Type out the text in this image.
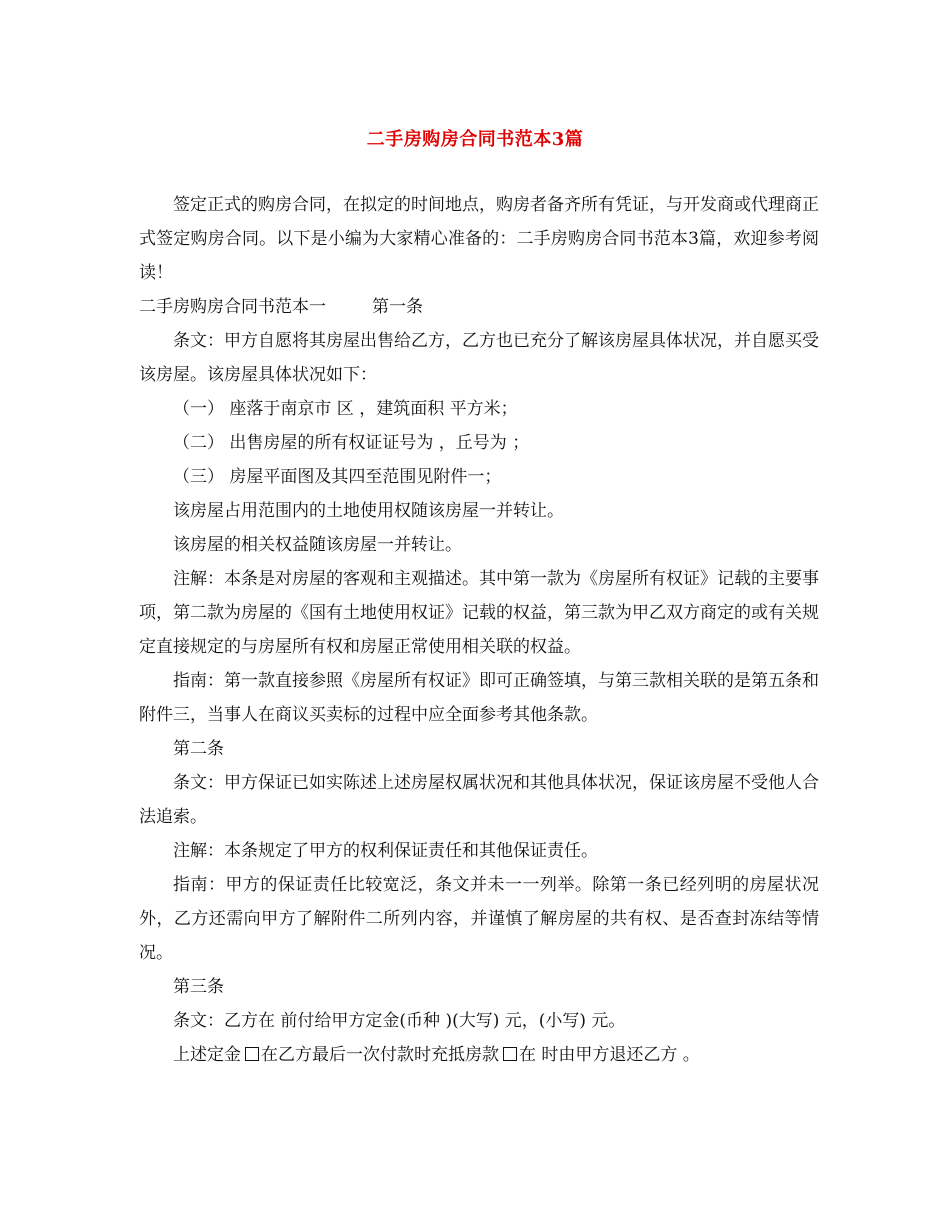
二手房购房合同书范本3篇

签定正式的购房合同，在拟定的时间地点，购房者备齐所有凭证，与开发商或代理商正式签定购房合同。以下是小编为大家精心准备的：二手房购房合同书范本3篇，欢迎参考阅读！

二手房购房合同书范本一	第一条

条文：甲方自愿将其房屋出售给乙方，乙方也已充分了解该房屋具体状况，并自愿买受该房屋。该房屋具体状况如下：

（一） 座落于南京市 区 ，建筑面积 平方米；

（二） 出售房屋的所有权证证号为 ，丘号为 ；

（三） 房屋平面图及其四至范围见附件一；

该房屋占用范围内的土地使用权随该房屋一并转让。

该房屋的相关权益随该房屋一并转让。

注解：本条是对房屋的客观和主观描述。其中第一款为《房屋所有权证》记载的主要事项，第二款为房屋的《国有土地使用权证》记载的权益，第三款为甲乙双方商定的或有关规定直接规定的与房屋所有权和房屋正常使用相关联的权益。

指南：第一款直接参照《房屋所有权证》即可正确签填，与第三款相关联的是第五条和附件三，当事人在商议买卖标的过程中应全面参考其他条款。

第二条

条文：甲方保证已如实陈述上述房屋权属状况和其他具体状况，保证该房屋不受他人合法追索。

注解：本条规定了甲方的权利保证责任和其他保证责任。

指南：甲方的保证责任比较宽泛，条文并未一一列举。除第一条已经列明的房屋状况外，乙方还需向甲方了解附件二所列内容，并谨慎了解房屋的共有权、是否查封冻结等情况。

第三条

条文：乙方在 前付给甲方定金(币种 )(大写) 元，(小写) 元。

上述定金 在乙方最后一次付款时充抵房款 在 时由甲方退还乙方 。
